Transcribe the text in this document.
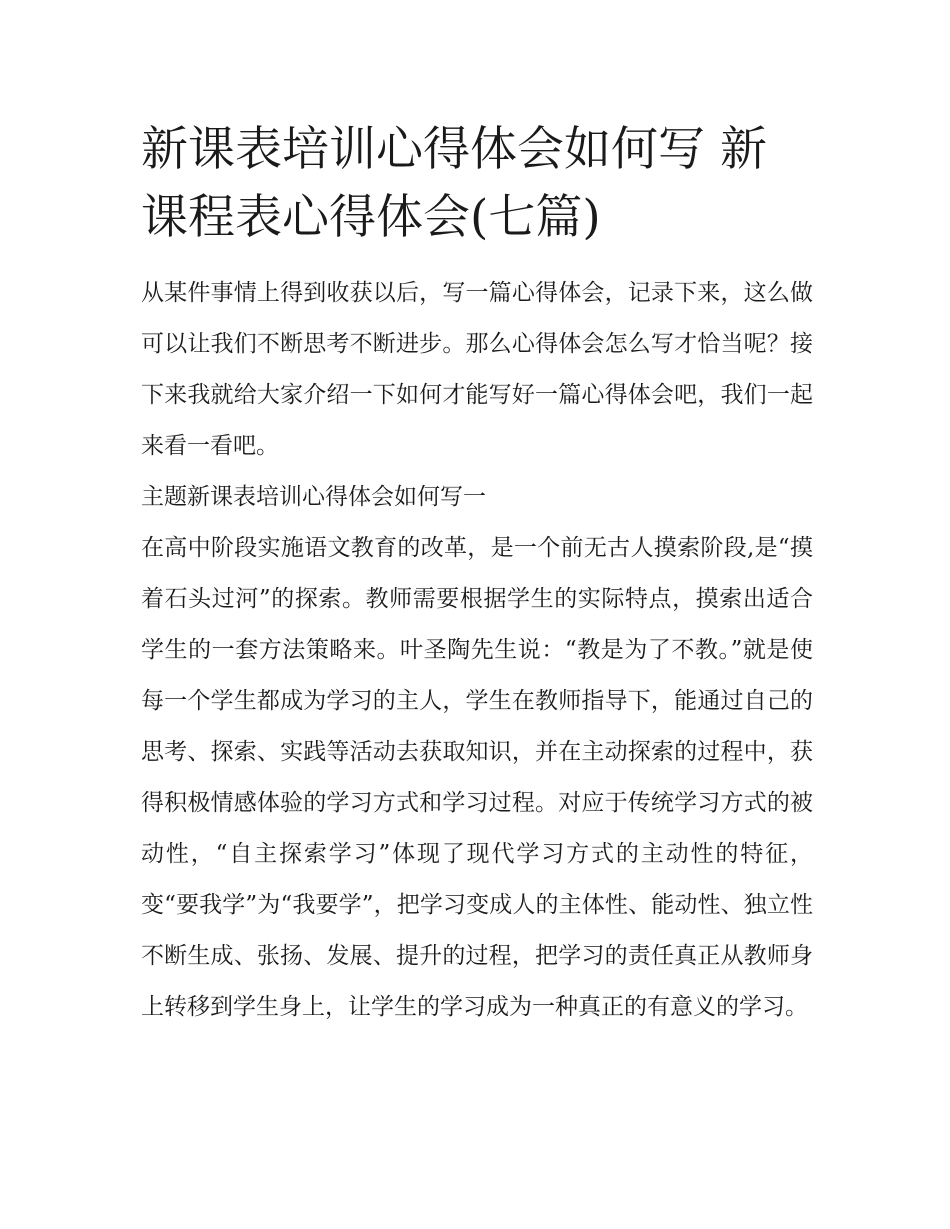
新课表培训心得体会如何写 新课程表心得体会(七篇)

从某件事情上得到收获以后，写一篇心得体会，记录下来，这么做可以让我们不断思考不断进步。那么心得体会怎么写才恰当呢？接下来我就给大家介绍一下如何才能写好一篇心得体会吧，我们一起来看一看吧。

主题新课表培训心得体会如何写一

在高中阶段实施语文教育的改革，是一个前无古人摸索阶段,是“摸着石头过河”的探索。教师需要根据学生的实际特点，摸索出适合学生的一套方法策略来。叶圣陶先生说：“教是为了不教。”就是使每一个学生都成为学习的主人，学生在教师指导下，能通过自己的思考、探索、实践等活动去获取知识，并在主动探索的过程中，获得积极情感体验的学习方式和学习过程。对应于传统学习方式的被动性，“自主探索学习”体现了现代学习方式的主动性的特征，变“要我学”为“我要学”，把学习变成人的主体性、能动性、独立性不断生成、张扬、发展、提升的过程，把学习的责任真正从教师身上转移到学生身上，让学生的学习成为一种真正的有意义的学习。
